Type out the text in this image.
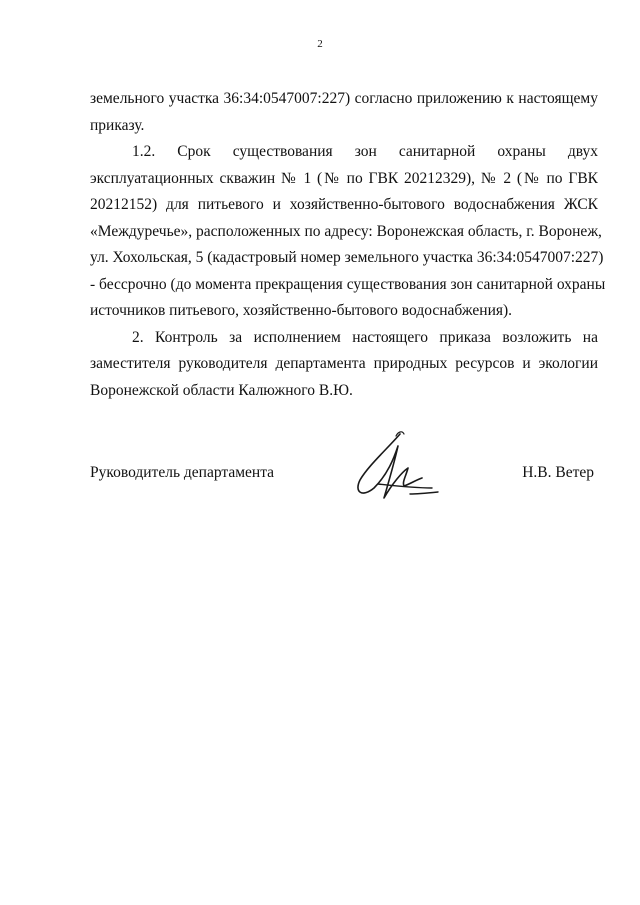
2

земельного участка 36:34:0547007:227) согласно приложению к настоящему
приказу.

1.2. Срок существования зон санитарной охраны двух
эксплуатационных скважин № 1 (№ по ГВК 20212329), № 2 (№ по ГВК
20212152) для питьевого и хозяйственно-бытового водоснабжения ЖСК
«Междуречье», расположенных по адресу: Воронежская область, г. Воронеж,
ул. Хохольская, 5 (кадастровый номер земельного участка 36:34:0547007:227)
- бессрочно (до момента прекращения существования зон санитарной охраны
источников питьевого, хозяйственно-бытового водоснабжения).

2. Контроль за исполнением настоящего приказа возложить на
заместителя руководителя департамента природных ресурсов и экологии
Воронежской области Калюжного В.Ю.

Руководитель департамента	Н.В. Ветер
